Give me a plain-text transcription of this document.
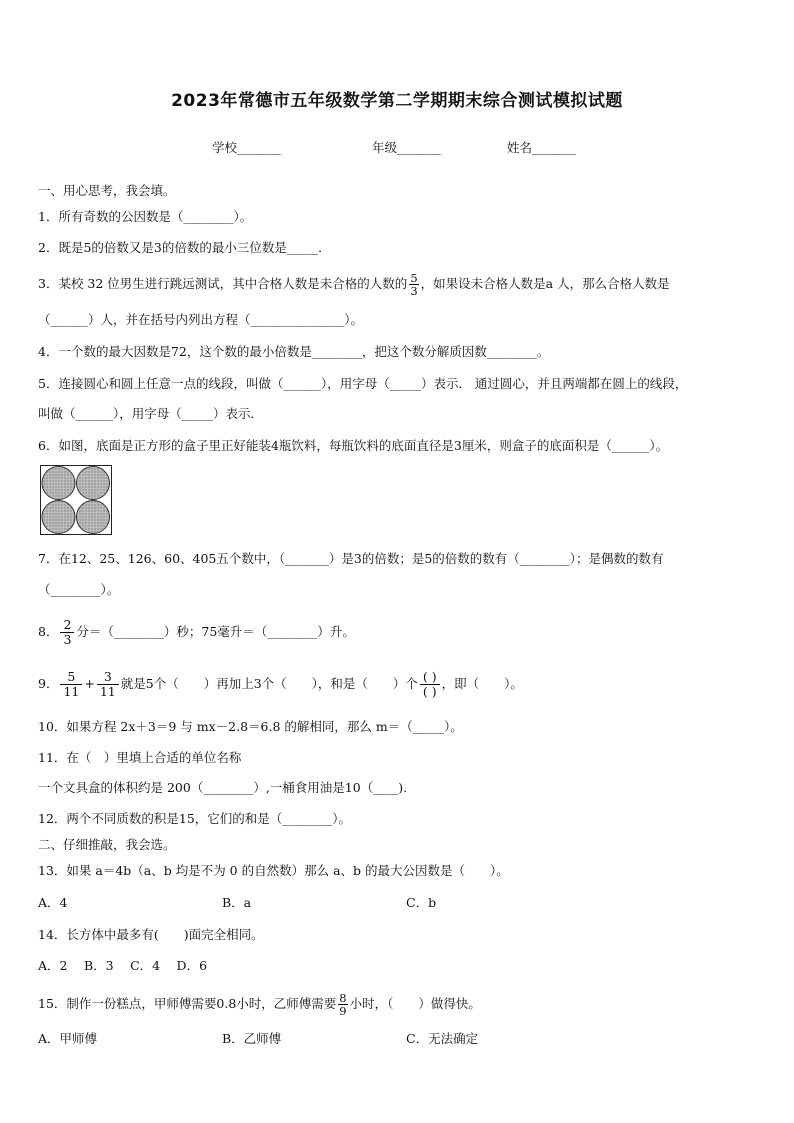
2023年常德市五年级数学第二学期期末综合测试模拟试题
学校_______	年级_______	姓名_______
一、用心思考，我会填。
1．所有奇数的公因数是（________）。
2．既是5的倍数又是3的倍数的最小三位数是_____．
3．某校 32 位男生进行跳远测试，其中合格人数是未合格的人数的 $\frac{5}{3}$ ，如果设未合格人数是a 人，那么合格人数是
（______）人，并在括号内列出方程（_______________）。
4．一个数的最大因数是72，这个数的最小倍数是________，把这个数分解质因数________。
5．连接圆心和圆上任意一点的线段，叫做（______），用字母（_____）表示． 通过圆心，并且两端都在圆上的线段，
叫做（______），用字母（_____）表示．
6．如图，底面是正方形的盒子里正好能装4瓶饮料，每瓶饮料的底面直径是3厘米，则盒子的底面积是（______）。
7．在12、25、126、60、405五个数中，（_______）是3的倍数；是5的倍数的数有（________）；是偶数的数有
（________）。
8． $\frac{2}{3}$ 分＝（________）秒；75毫升＝（________）升。
9． $\frac{5}{11} + \frac{3}{11}$ 就是5个（　　）再加上3个（　　），和是（　　）个 $\frac{( )}{( )}$ ，即（　　）。
10．如果方程 2x＋3＝9 与 mx－2.8＝6.8 的解相同，那么 m＝（_____）。
11．在（　）里填上合适的单位名称
一个文具盒的体积约是 200（________）,一桶食用油是10（____).
12．两个不同质数的积是15，它们的和是（________）。
二、仔细推敲，我会选。
13．如果 a＝4b（a、b 均是不为 0 的自然数）那么 a、b 的最大公因数是（　　）。
A．4	B．a	C．b
14．长方体中最多有(　　)面完全相同。
A．2　 B．3　 C．4　 D．6
15．制作一份糕点，甲师傅需要0.8小时，乙师傅需要 $\frac{8}{9}$ 小时，（　　）做得快。
A．甲师傅	B．乙师傅	C．无法确定
